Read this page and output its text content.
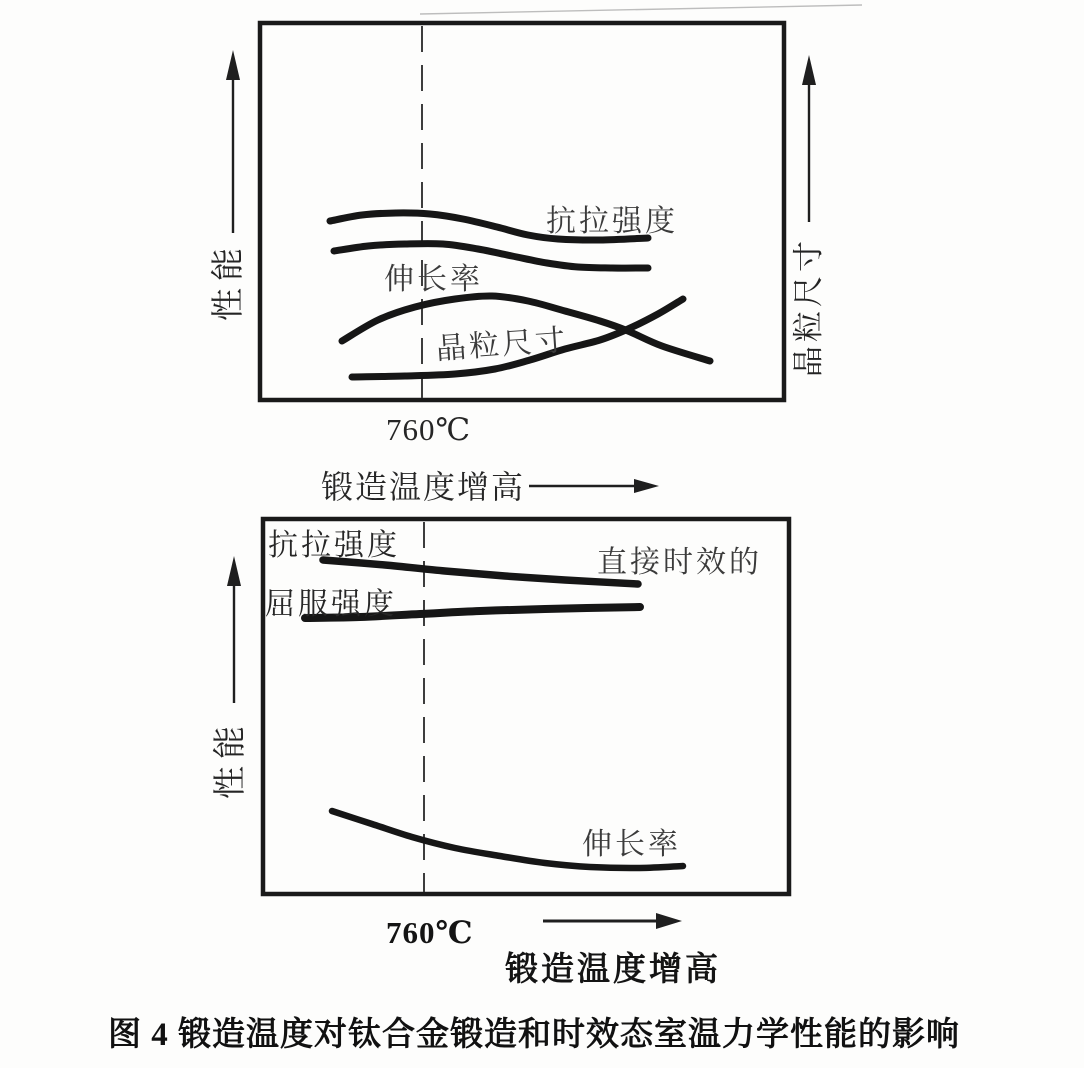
性能	晶粒尺寸
抗拉强度
伸长率
晶粒尺寸
760℃
锻造温度增高
性能
抗拉强度
屈服强度
直接时效的
伸长率
760℃
锻造温度增高
图 4 锻造温度对钛合金锻造和时效态室温力学性能的影响
